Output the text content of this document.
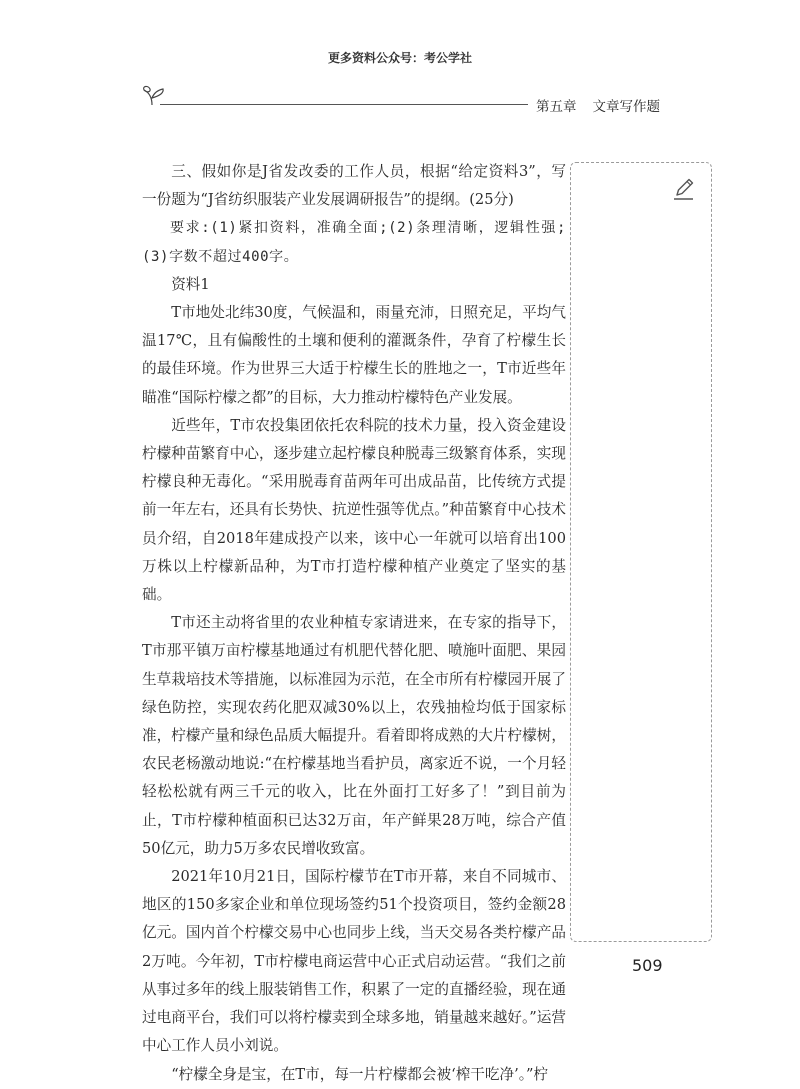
更多资料公众号：考公学社
第五章 文章写作题

三、假如你是J省发改委的工作人员，根据“给定资料3”，写一份题为“J省纺织服装产业发展调研报告”的提纲。(25分)

要求:(1)紧扣资料，准确全面;(2)条理清晰，逻辑性强;(3)字数不超过400字。

资料1

T市地处北纬30度，气候温和，雨量充沛，日照充足，平均气温17℃，且有偏酸性的土壤和便利的灌溉条件，孕育了柠檬生长的最佳环境。作为世界三大适于柠檬生长的胜地之一，T市近些年瞄准“国际柠檬之都”的目标，大力推动柠檬特色产业发展。

近些年，T市农投集团依托农科院的技术力量，投入资金建设柠檬种苗繁育中心，逐步建立起柠檬良种脱毒三级繁育体系，实现柠檬良种无毒化。“采用脱毒育苗两年可出成品苗，比传统方式提前一年左右，还具有长势快、抗逆性强等优点。”种苗繁育中心技术员介绍，自2018年建成投产以来，该中心一年就可以培育出100万株以上柠檬新品种，为T市打造柠檬种植产业奠定了坚实的基础。

T市还主动将省里的农业种植专家请进来，在专家的指导下，T市那平镇万亩柠檬基地通过有机肥代替化肥、喷施叶面肥、果园生草栽培技术等措施，以标准园为示范，在全市所有柠檬园开展了绿色防控，实现农药化肥双减30%以上，农残抽检均低于国家标准，柠檬产量和绿色品质大幅提升。看着即将成熟的大片柠檬树，农民老杨激动地说:“在柠檬基地当看护员，离家近不说，一个月轻轻松松就有两三千元的收入，比在外面打工好多了！”到目前为止，T市柠檬种植面积已达32万亩，年产鲜果28万吨，综合产值50亿元，助力5万多农民增收致富。

2021年10月21日，国际柠檬节在T市开幕，来自不同城市、地区的150多家企业和单位现场签约51个投资项目，签约金额28亿元。国内首个柠檬交易中心也同步上线，当天交易各类柠檬产品2万吨。今年初，T市柠檬电商运营中心正式启动运营。“我们之前从事过多年的线上服装销售工作，积累了一定的直播经验，现在通过电商平台，我们可以将柠檬卖到全球多地，销量越来越好。”运营中心工作人员小刘说。

“柠檬全身是宝，在T市，每一片柠檬都会被‘榨干吃净’。”柠

509
